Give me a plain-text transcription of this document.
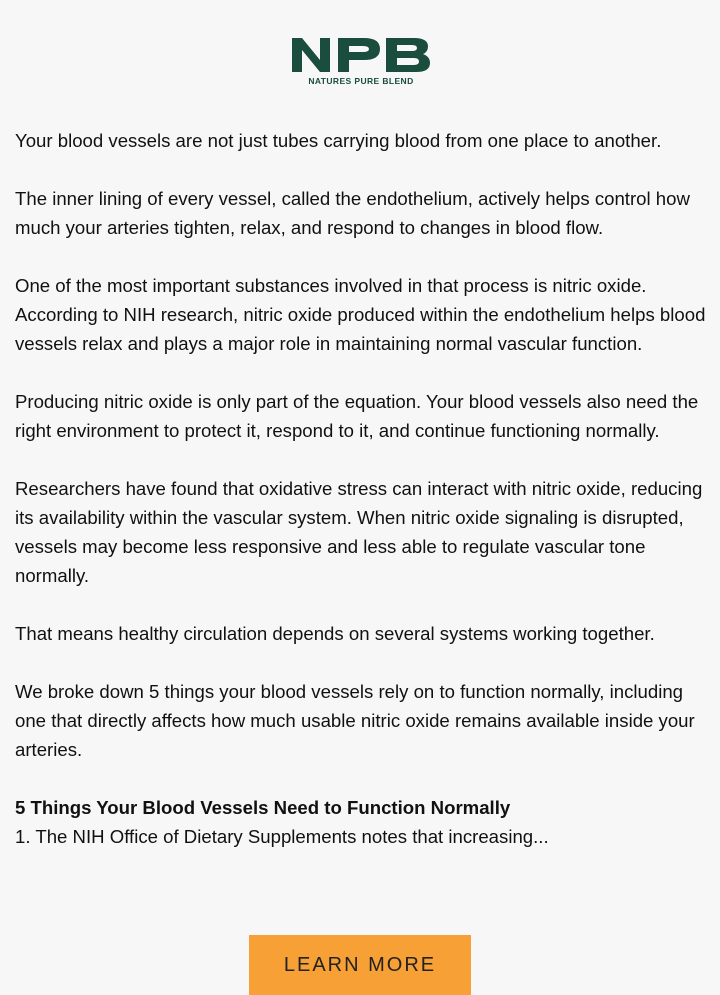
NATURES PURE BLEND

Your blood vessels are not just tubes carrying blood from one place to another.

The inner lining of every vessel, called the endothelium, actively helps control how much your arteries tighten, relax, and respond to changes in blood flow.

One of the most important substances involved in that process is nitric oxide. According to NIH research, nitric oxide produced within the endothelium helps blood vessels relax and plays a major role in maintaining normal vascular function.

Producing nitric oxide is only part of the equation. Your blood vessels also need the right environment to protect it, respond to it, and continue functioning normally.

Researchers have found that oxidative stress can interact with nitric oxide, reducing its availability within the vascular system. When nitric oxide signaling is disrupted, vessels may become less responsive and less able to regulate vascular tone normally.

That means healthy circulation depends on several systems working together.

We broke down 5 things your blood vessels rely on to function normally, including one that directly affects how much usable nitric oxide remains available inside your arteries.

5 Things Your Blood Vessels Need to Function Normally

1. The NIH Office of Dietary Supplements notes that increasing...

LEARN MORE
